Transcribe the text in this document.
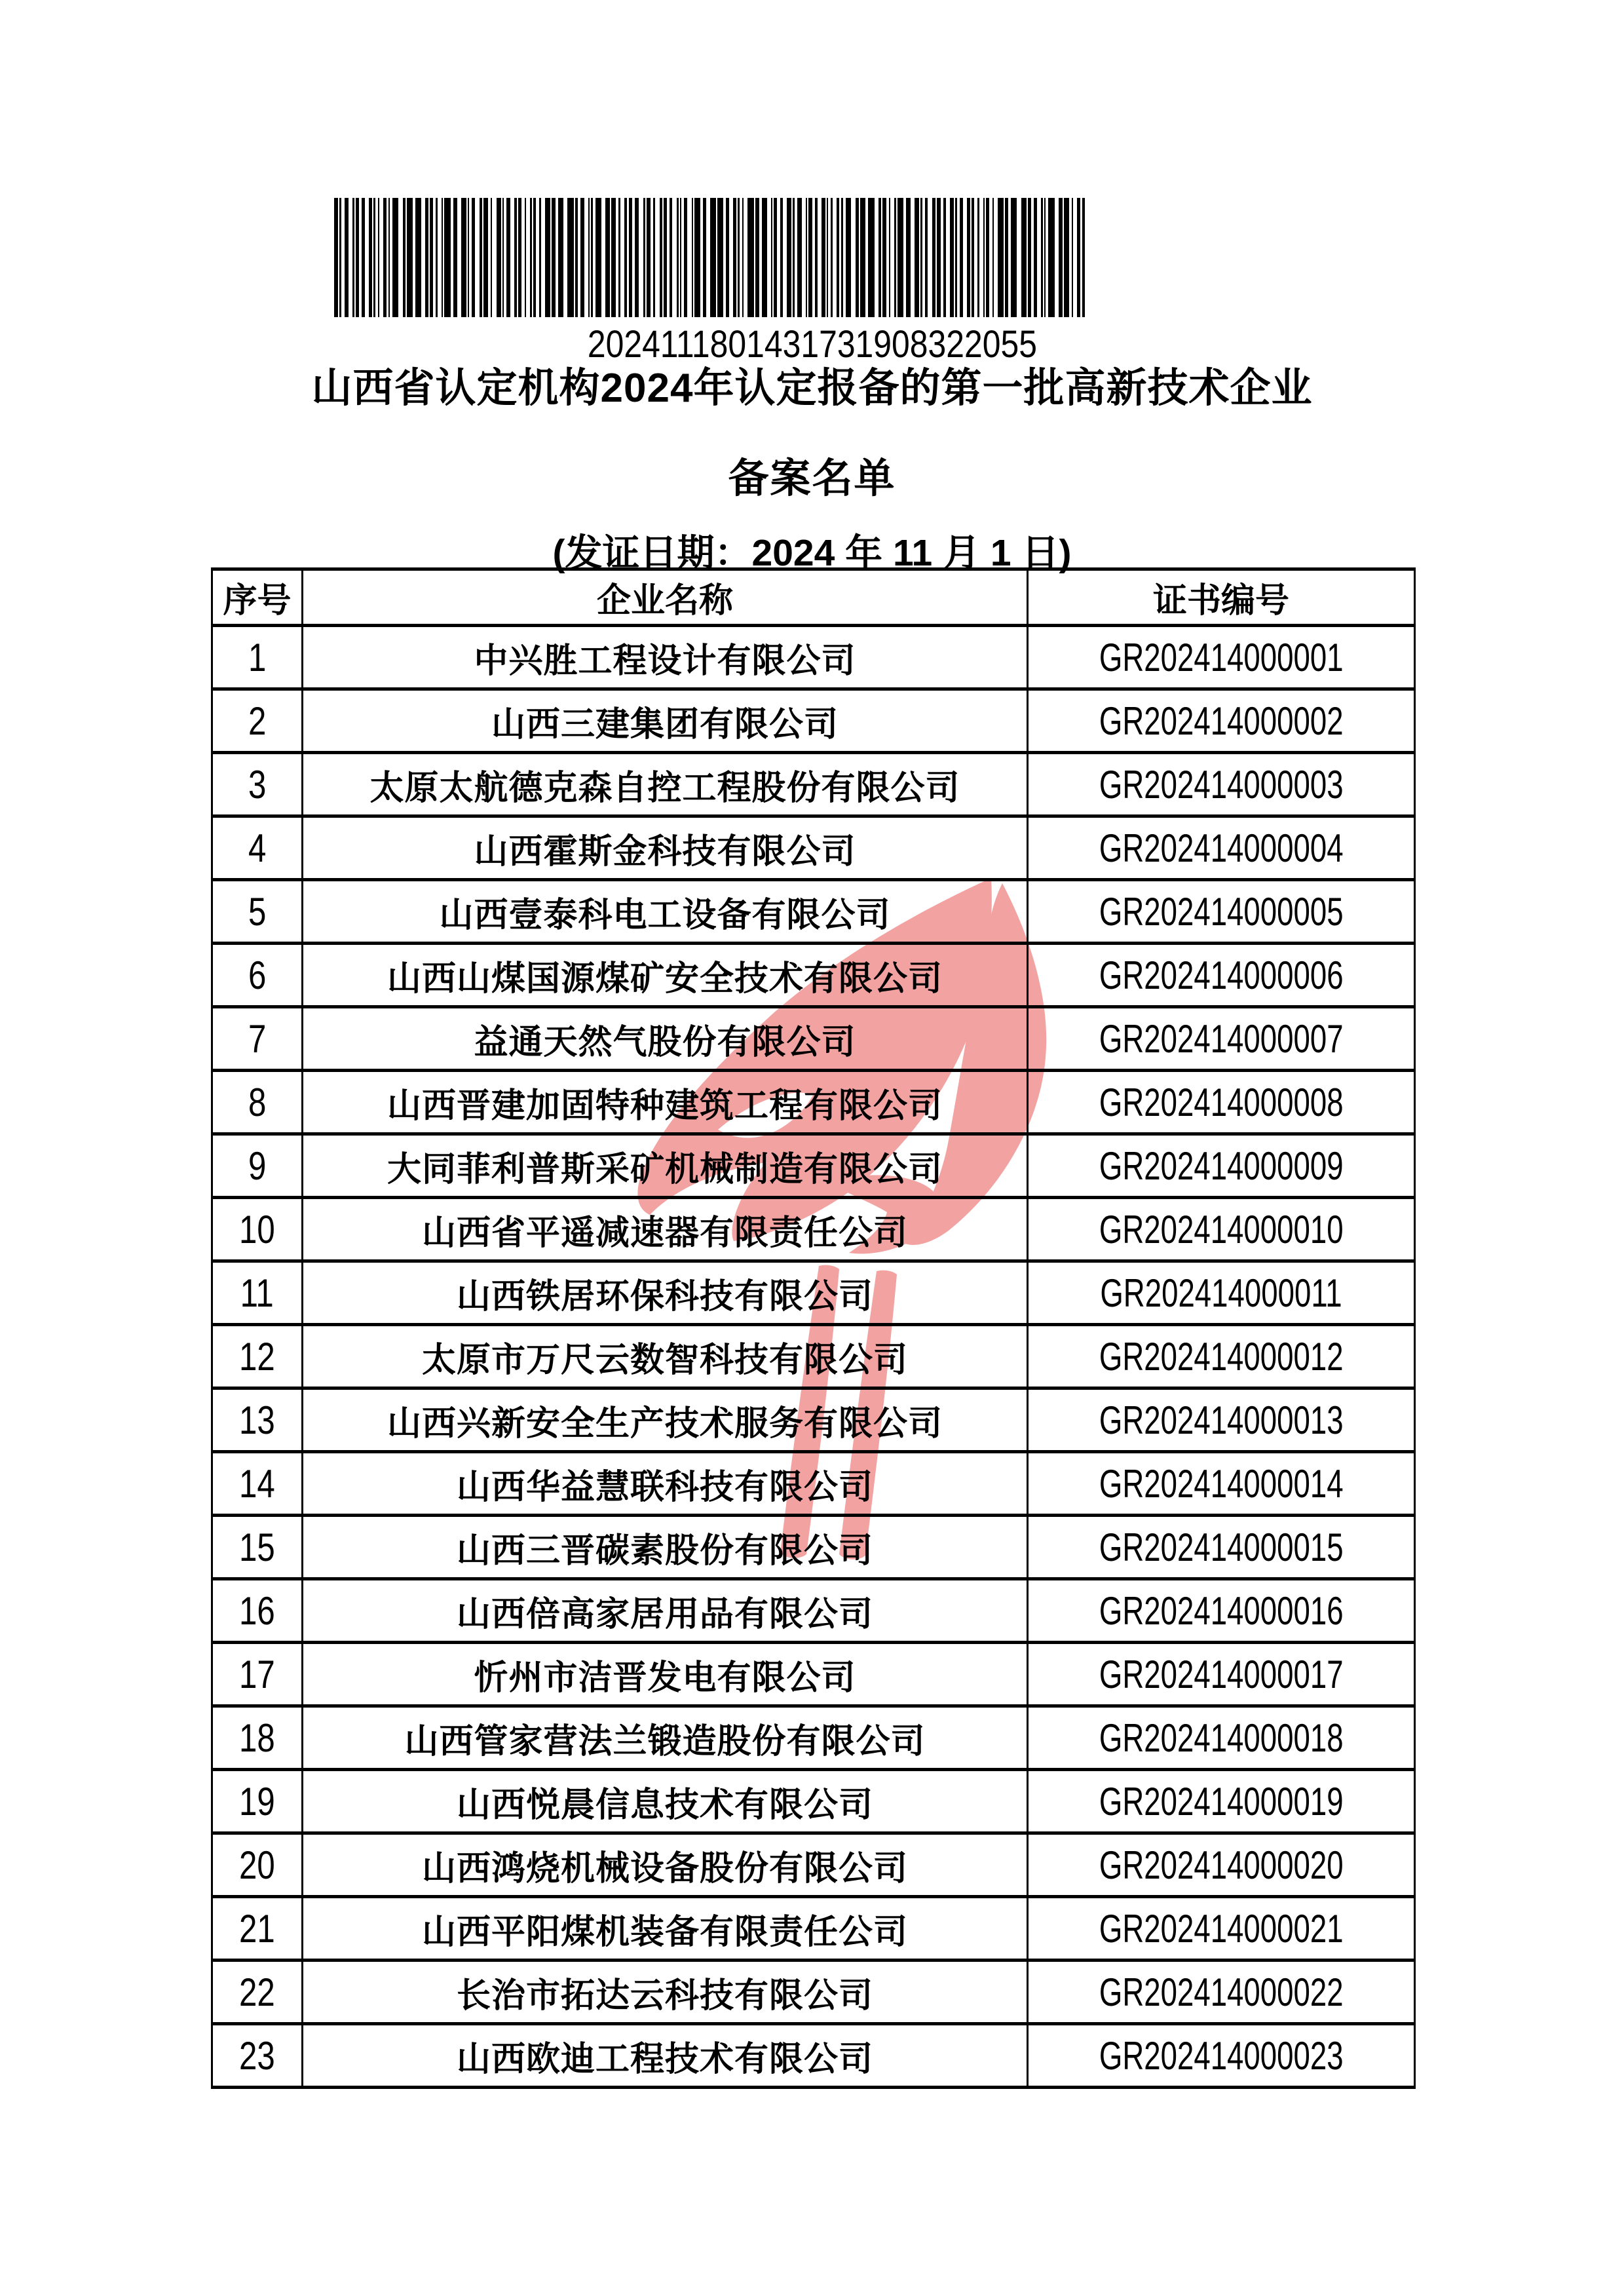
2024111801431731908322055
山西省认定机构2024年认定报备的第一批高新技术企业
备案名单
(发证日期：2024 年 11 月 1 日)
序号	企业名称	证书编号
1	中兴胜工程设计有限公司	GR202414000001
2	山西三建集团有限公司	GR202414000002
3	太原太航德克森自控工程股份有限公司	GR202414000003
4	山西霍斯金科技有限公司	GR202414000004
5	山西壹泰科电工设备有限公司	GR202414000005
6	山西山煤国源煤矿安全技术有限公司	GR202414000006
7	益通天然气股份有限公司	GR202414000007
8	山西晋建加固特种建筑工程有限公司	GR202414000008
9	大同菲利普斯采矿机械制造有限公司	GR202414000009
10	山西省平遥减速器有限责任公司	GR202414000010
11	山西铁居环保科技有限公司	GR202414000011
12	太原市万尺云数智科技有限公司	GR202414000012
13	山西兴新安全生产技术服务有限公司	GR202414000013
14	山西华益慧联科技有限公司	GR202414000014
15	山西三晋碳素股份有限公司	GR202414000015
16	山西倍高家居用品有限公司	GR202414000016
17	忻州市洁晋发电有限公司	GR202414000017
18	山西管家营法兰锻造股份有限公司	GR202414000018
19	山西悦晨信息技术有限公司	GR202414000019
20	山西鸿烧机械设备股份有限公司	GR202414000020
21	山西平阳煤机装备有限责任公司	GR202414000021
22	长治市拓达云科技有限公司	GR202414000022
23	山西欧迪工程技术有限公司	GR202414000023
